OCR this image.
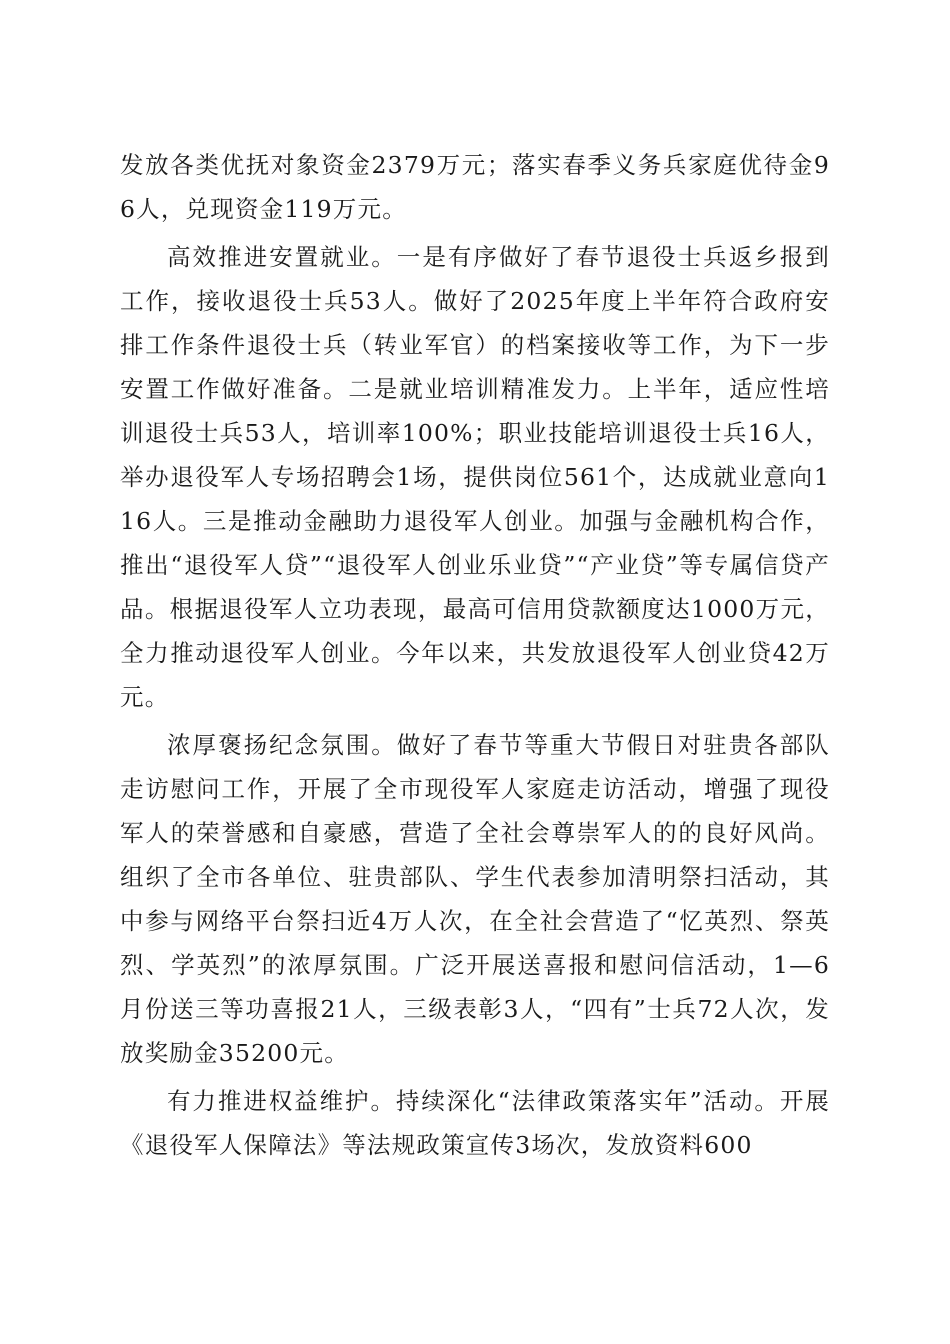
发放各类优抚对象资金2379万元；落实春季义务兵家庭优待金96人，兑现资金119万元。

高效推进安置就业。一是有序做好了春节退役士兵返乡报到工作，接收退役士兵53人。做好了2025年度上半年符合政府安排工作条件退役士兵（转业军官）的档案接收等工作，为下一步安置工作做好准备。二是就业培训精准发力。上半年，适应性培训退役士兵53人，培训率100%；职业技能培训退役士兵16人，举办退役军人专场招聘会1场，提供岗位561个，达成就业意向116人。三是推动金融助力退役军人创业。加强与金融机构合作，推出“退役军人贷”“退役军人创业乐业贷”“产业贷”等专属信贷产品。根据退役军人立功表现，最高可信用贷款额度达1000万元，全力推动退役军人创业。今年以来，共发放退役军人创业贷42万元。

浓厚褒扬纪念氛围。做好了春节等重大节假日对驻贵各部队走访慰问工作，开展了全市现役军人家庭走访活动，增强了现役军人的荣誉感和自豪感，营造了全社会尊崇军人的的良好风尚。组织了全市各单位、驻贵部队、学生代表参加清明祭扫活动，其中参与网络平台祭扫近4万人次，在全社会营造了“忆英烈、祭英烈、学英烈”的浓厚氛围。广泛开展送喜报和慰问信活动，1—6月份送三等功喜报21人，三级表彰3人，“四有”士兵72人次，发放奖励金35200元。

有力推进权益维护。持续深化“法律政策落实年”活动。开展《退役军人保障法》等法规政策宣传3场次，发放资料600
